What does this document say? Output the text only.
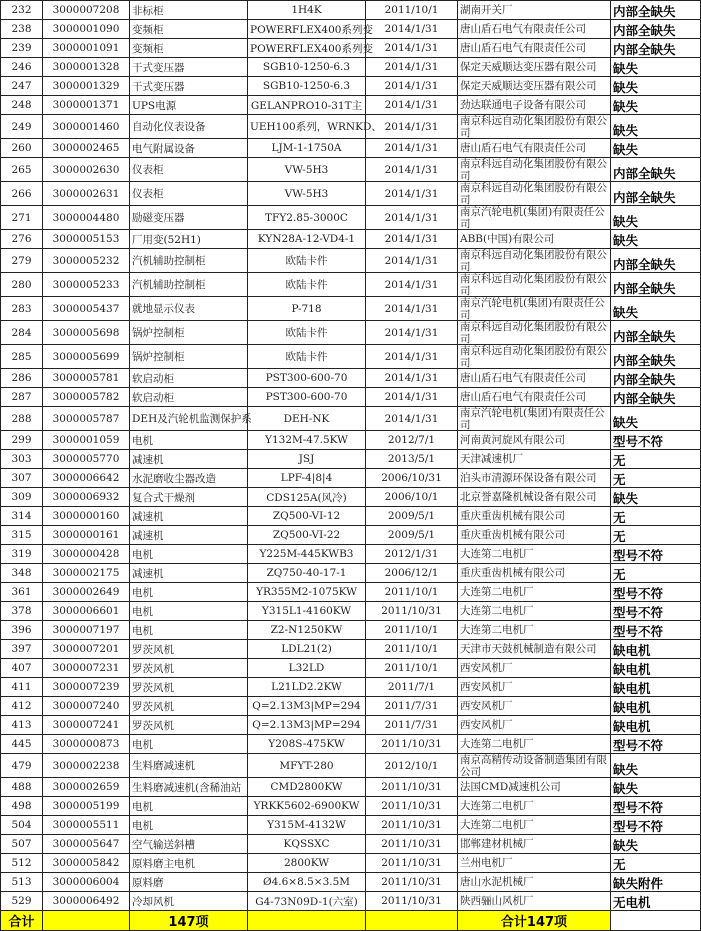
232	3000007208	非标柜	1H4K	2011/10/1	湖南开关厂	内部全缺失
238	3000001090	变频柜	POWERFLEX400系列变	2014/1/31	唐山盾石电气有限责任公司	内部全缺失
239	3000001091	变频柜	POWERFLEX400系列变	2014/1/31	唐山盾石电气有限责任公司	内部全缺失
246	3000001328	干式变压器	SGB10-1250-6.3	2014/1/31	保定天威顺达变压器有限公司	缺失
247	3000001329	干式变压器	SGB10-1250-6.3	2014/1/31	保定天威顺达变压器有限公司	缺失
248	3000001371	UPS电源	GELANPRO10-31T主	2014/1/31	劲达联通电子设备有限公司	缺失
249	3000001460	自动化仪表设备	UEH100系列，WRNKD、	2014/1/31	南京科远自动化集团股份有限公司	缺失
260	3000002465	电气附属设备	LJM-1-1750A	2014/1/31	唐山盾石电气有限责任公司	缺失
265	3000002630	仪表柜	VW-5H3	2014/1/31	南京科远自动化集团股份有限公司	内部全缺失
266	3000002631	仪表柜	VW-5H3	2014/1/31	南京科远自动化集团股份有限公司	内部全缺失
271	3000004480	励磁变压器	TFY2.85-3000C	2014/1/31	南京汽轮电机(集团)有限责任公司	缺失
276	3000005153	厂用变(52H1)	KYN28A-12-VD4-1	2014/1/31	ABB(中国)有限公司	缺失
279	3000005232	汽机辅助控制柜	欧陆卡件	2014/1/31	南京科远自动化集团股份有限公司	内部全缺失
280	3000005233	汽机辅助控制柜	欧陆卡件	2014/1/31	南京科远自动化集团股份有限公司	内部全缺失
283	3000005437	就地显示仪表	P-718	2014/1/31	南京汽轮电机(集团)有限责任公司	缺失
284	3000005698	锅炉控制柜	欧陆卡件	2014/1/31	南京科远自动化集团股份有限公司	内部全缺失
285	3000005699	锅炉控制柜	欧陆卡件	2014/1/31	南京科远自动化集团股份有限公司	内部全缺失
286	3000005781	软启动柜	PST300-600-70	2014/1/31	唐山盾石电气有限责任公司	内部全缺失
287	3000005782	软启动柜	PST300-600-70	2014/1/31	唐山盾石电气有限责任公司	内部全缺失
288	3000005787	DEH及汽轮机监测保护系	DEH-NK	2014/1/31	南京汽轮电机(集团)有限责任公司	缺失
299	3000001059	电机	Y132M-47.5KW	2012/7/1	河南黄河旋风有限公司	型号不符
303	3000005770	减速机	JSJ	2013/5/1	天津减速机厂	无
307	3000006642	水泥磨收尘器改造	LPF-4|8|4	2006/10/31	泊头市清源环保设备有限公司	无
309	3000006932	复合式干燥剂	CDS125A(风冷)	2006/10/1	北京誉嘉隆机械设备有限公司	缺失
314	3000000160	减速机	ZQ500-VI-12	2009/5/1	重庆重齿机械有限公司	无
315	3000000161	减速机	ZQ500-VI-22	2009/5/1	重庆重齿机械有限公司	无
319	3000000428	电机	Y225M-445KWB3	2012/1/31	大连第二电机厂	型号不符
348	3000002175	减速机	ZQ750-40-17-1	2006/12/1	重庆重齿机械有限公司	无
361	3000002649	电机	YR355M2-1075KW	2011/10/1	大连第二电机厂	型号不符
378	3000006601	电机	Y315L1-4160KW	2011/10/31	大连第二电机厂	型号不符
396	3000007197	电机	Z2-N1250KW	2011/10/1	大连第二电机厂	型号不符
397	3000007201	罗茨风机	LDL21(2)	2011/10/1	天津市天鼓机械制造有限公司	缺电机
407	3000007231	罗茨风机	L32LD	2011/10/1	西安风机厂	缺电机
411	3000007239	罗茨风机	L21LD2.2KW	2011/7/1	西安风机厂	缺电机
412	3000007240	罗茨风机	Q=2.13M3|MP=294	2011/7/31	西安风机厂	缺电机
413	3000007241	罗茨风机	Q=2.13M3|MP=294	2011/7/31	西安风机厂	缺电机
445	3000000873	电机	Y208S-475KW	2011/10/31	大连第二电机厂	型号不符
479	3000002238	生料磨减速机	MFYT-280	2012/10/1	南京高精传动设备制造集团有限公司	缺失
488	3000002659	生料磨减速机(含稀油站	CMD2800KW	2011/10/31	法国CMD减速机公司	缺失
498	3000005199	电机	YRKK5602-6900KW	2011/10/31	大连第二电机厂	型号不符
504	3000005511	电机	Y315M-4132W	2011/10/31	大连第二电机厂	型号不符
507	3000005647	空气输送斜槽	KQSSXC	2011/10/31	邯郸建材机械厂	缺失
512	3000005842	原料磨主电机	2800KW	2011/10/31	兰州电机厂	无
513	3000006004	原料磨	Ø4.6×8.5×3.5M	2011/10/31	唐山水泥机械厂	缺失附件
529	3000006492	冷却风机	G4-73N09D-1(六室)	2011/10/31	陕西骊山风机厂	无电机
合计		147项			合计147项	
